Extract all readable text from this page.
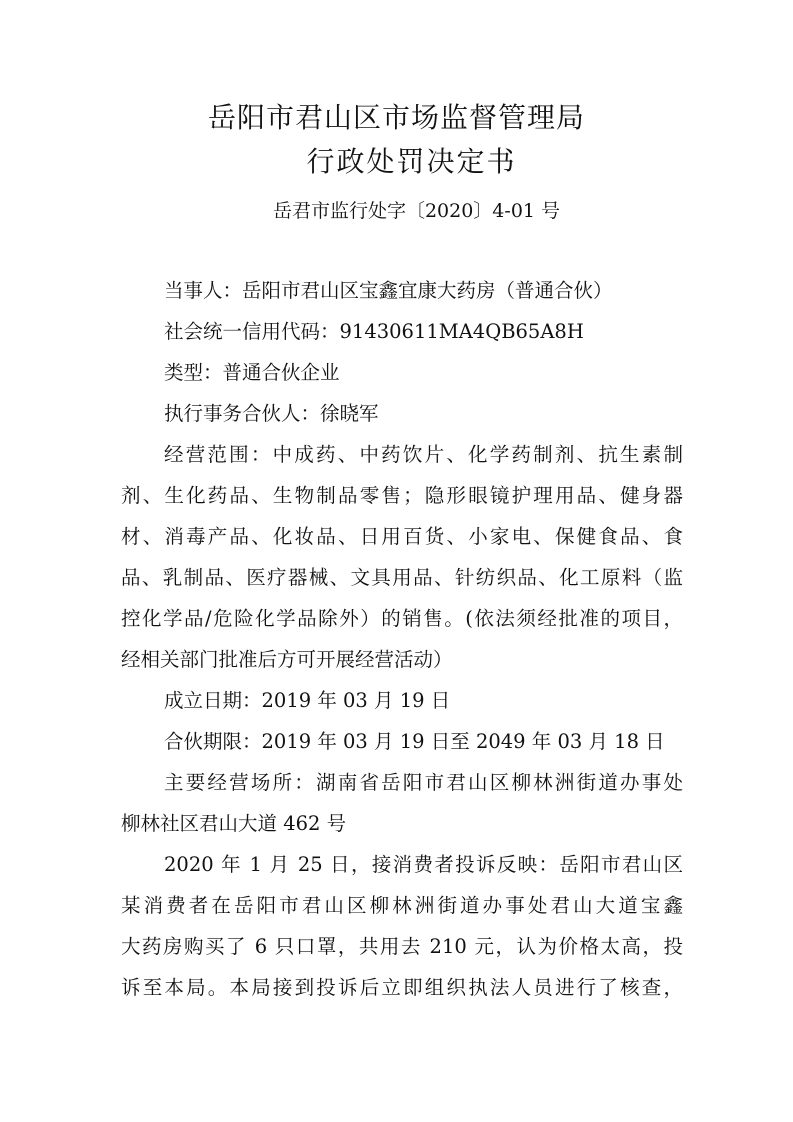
岳阳市君山区市场监督管理局
行政处罚决定书
岳君市监行处字〔2020〕4-01 号
当事人：岳阳市君山区宝鑫宜康大药房（普通合伙）
社会统一信用代码：91430611MA4QB65A8H
类型：普通合伙企业
执行事务合伙人：徐晓军
经营范围：中成药、中药饮片、化学药制剂、抗生素制
剂、生化药品、生物制品零售；隐形眼镜护理用品、健身器
材、消毒产品、化妆品、日用百货、小家电、保健食品、食
品、乳制品、医疗器械、文具用品、针纺织品、化工原料（监
控化学品/危险化学品除外）的销售。(依法须经批准的项目，
经相关部门批准后方可开展经营活动）
成立日期：2019 年 03 月 19 日
合伙期限：2019 年 03 月 19 日至 2049 年 03 月 18 日
主要经营场所：湖南省岳阳市君山区柳林洲街道办事处
柳林社区君山大道 462 号
2020 年 1 月 25 日，接消费者投诉反映：岳阳市君山区
某消费者在岳阳市君山区柳林洲街道办事处君山大道宝鑫
大药房购买了 6 只口罩，共用去 210 元，认为价格太高，投
诉至本局。本局接到投诉后立即组织执法人员进行了核查，
